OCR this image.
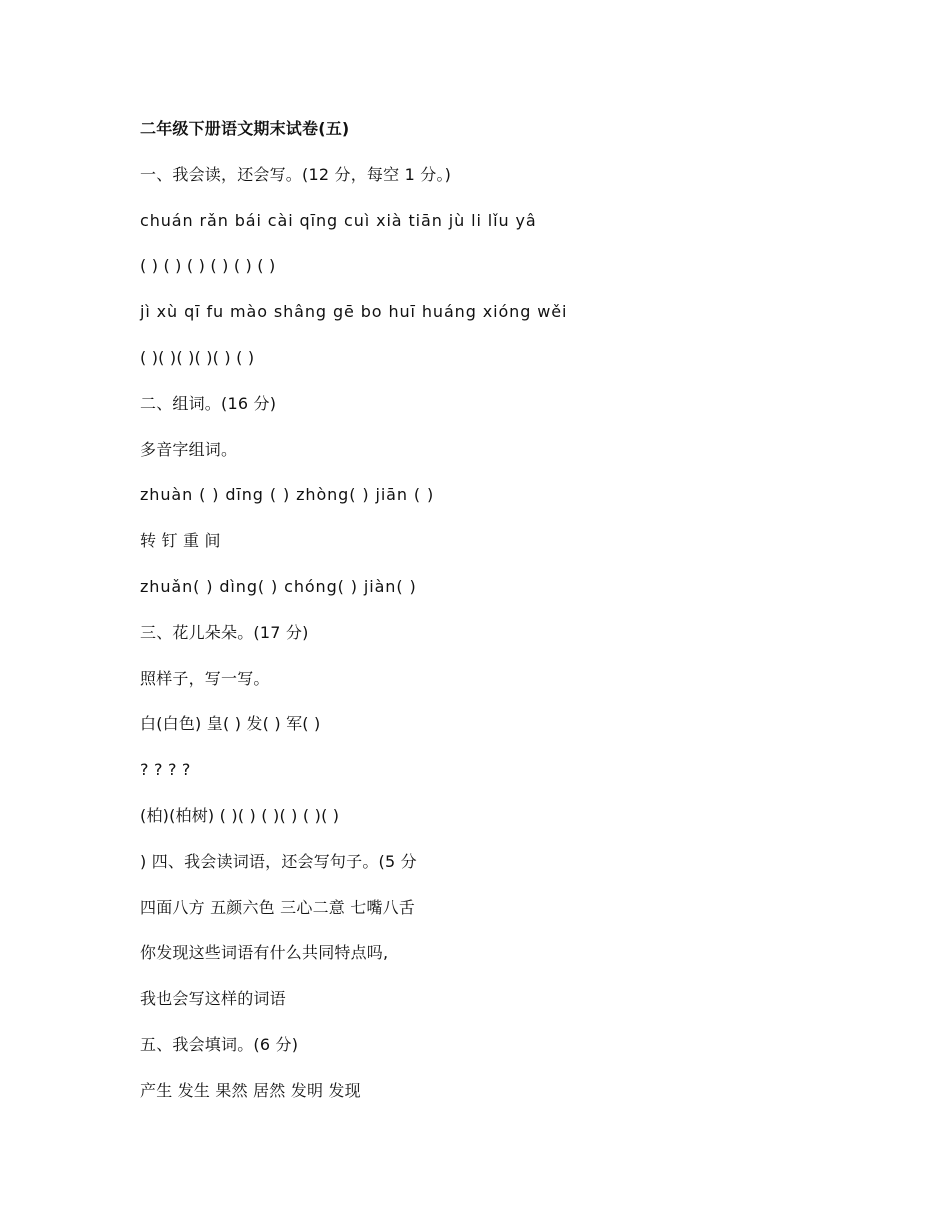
二年级下册语文期末试卷(五)
一、我会读，还会写。(12 分，每空 1 分。)
chuán rǎn bái cài qīng cuì xià tiān jù li lǐu yâ
( ) ( ) ( ) ( ) ( ) ( )
jì xù qī fu mào shâng gē bo huī huáng xióng wěi
( )( )( )( )( ) ( )
二、组词。(16 分)
多音字组词。
zhuàn ( ) dīng ( ) zhòng( ) jiān ( )
转 钉 重 间
zhuǎn( ) dìng( ) chóng( ) jiàn( )
三、花儿朵朵。(17 分)
照样子，写一写。
白(白色) 皇( ) 发( ) 军( )
? ? ? ?
(柏)(柏树) ( )( ) ( )( ) ( )( )
) 四、我会读词语，还会写句子。(5 分
四面八方 五颜六色 三心二意 七嘴八舌
你发现这些词语有什么共同特点吗,
我也会写这样的词语
五、我会填词。(6 分)
产生 发生 果然 居然 发明 发现
